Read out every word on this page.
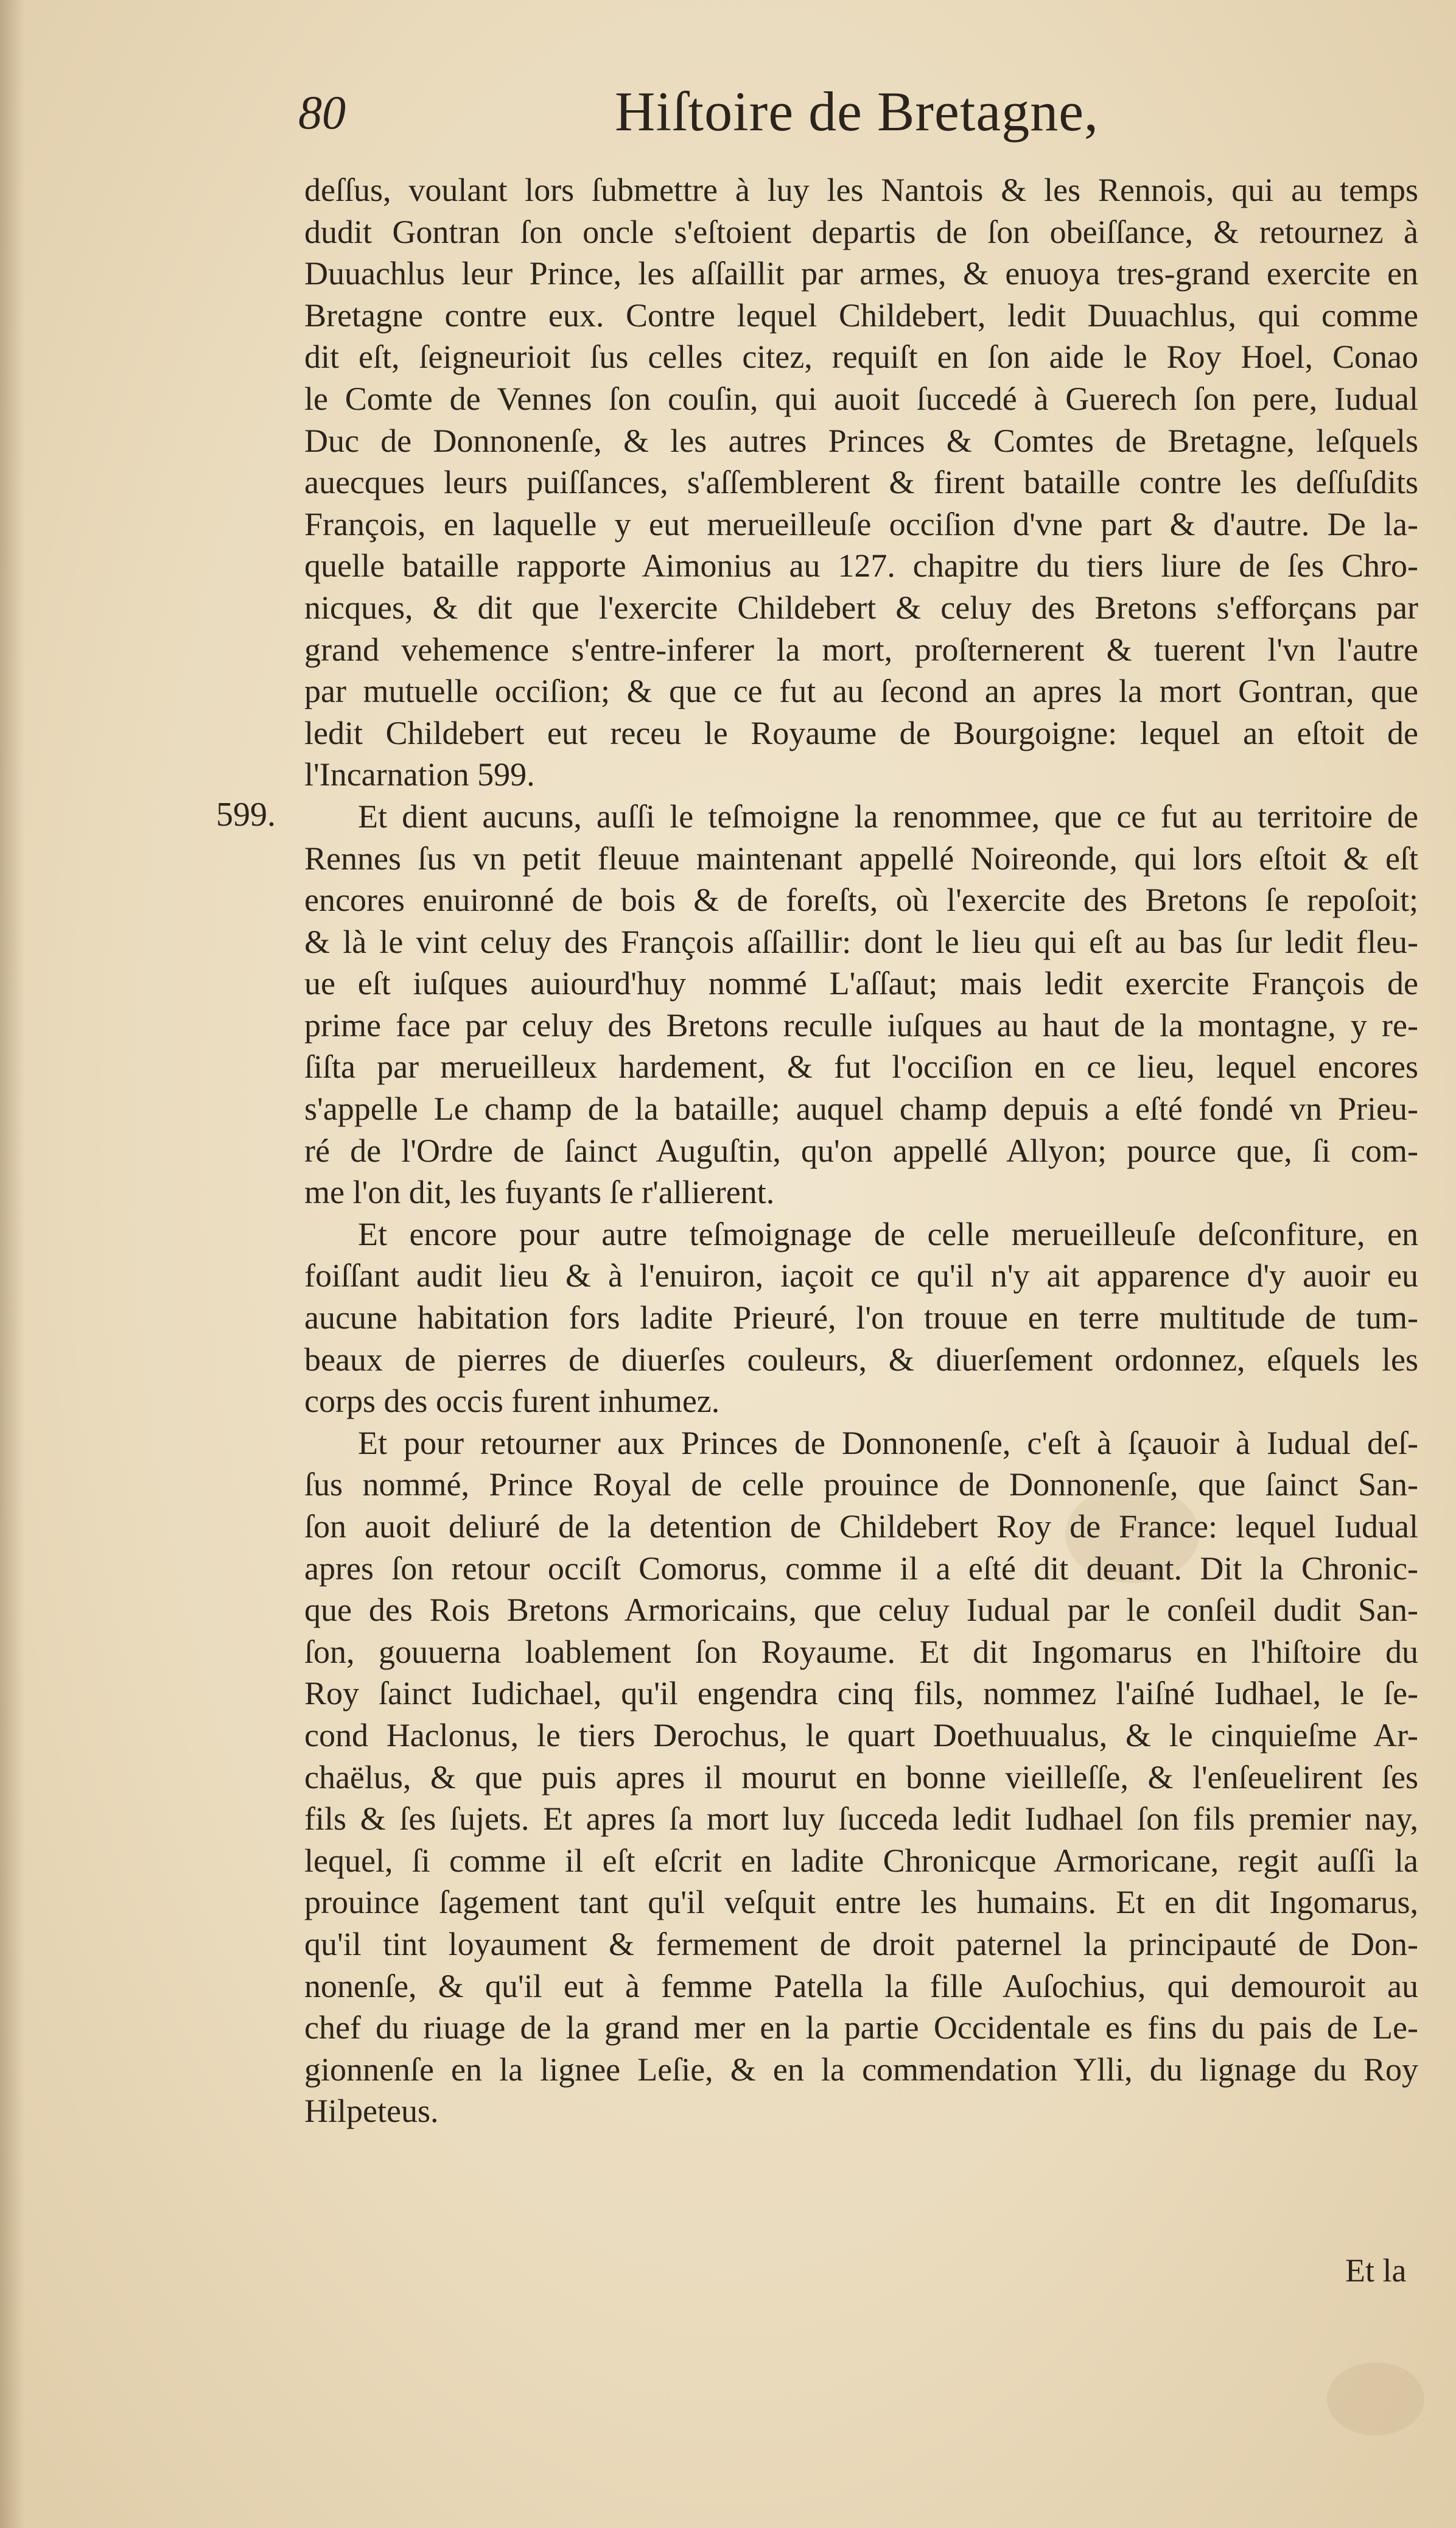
80	Hiſtoire de Bretagne,
599.
deſſus, voulant lors ſubmettre à luy les Nantois & les Rennois, qui au temps
dudit Gontran ſon oncle s'eſtoient departis de ſon obeiſſance, & retournez à
Duuachlus leur Prince, les aſſaillit par armes, & enuoya tres-grand exercite en
Bretagne contre eux. Contre lequel Childebert, ledit Duuachlus, qui comme
dit eſt, ſeigneurioit ſus celles citez, requiſt en ſon aide le Roy Hoel, Conao
le Comte de Vennes ſon couſin, qui auoit ſuccedé à Guerech ſon pere, Iudual
Duc de Donnonenſe, & les autres Princes & Comtes de Bretagne, leſquels
auecques leurs puiſſances, s'aſſemblerent & firent bataille contre les deſſuſdits
François, en laquelle y eut merueilleuſe occiſion d'vne part & d'autre. De la-
quelle bataille rapporte Aimonius au 127. chapitre du tiers liure de ſes Chro-
nicques, & dit que l'exercite Childebert & celuy des Bretons s'efforçans par
grand vehemence s'entre-inferer la mort, proſternerent & tuerent l'vn l'autre
par mutuelle occiſion; & que ce fut au ſecond an apres la mort Gontran, que
ledit Childebert eut receu le Royaume de Bourgoigne: lequel an eſtoit de
l'Incarnation 599.
Et dient aucuns, auſſi le teſmoigne la renommee, que ce fut au territoire de
Rennes ſus vn petit fleuue maintenant appellé Noireonde, qui lors eſtoit & eſt
encores enuironné de bois & de foreſts, où l'exercite des Bretons ſe repoſoit;
& là le vint celuy des François aſſaillir: dont le lieu qui eſt au bas ſur ledit fleu-
ue eſt iuſques auiourd'huy nommé L'aſſaut; mais ledit exercite François de
prime face par celuy des Bretons reculle iuſques au haut de la montagne, y re-
ſiſta par merueilleux hardement, & fut l'occiſion en ce lieu, lequel encores
s'appelle Le champ de la bataille; auquel champ depuis a eſté fondé vn Prieu-
ré de l'Ordre de ſainct Auguſtin, qu'on appellé Allyon; pource que, ſi com-
me l'on dit, les fuyants ſe r'allierent.
Et encore pour autre teſmoignage de celle merueilleuſe deſconfiture, en
foiſſant audit lieu & à l'enuiron, iaçoit ce qu'il n'y ait apparence d'y auoir eu
aucune habitation fors ladite Prieuré, l'on trouue en terre multitude de tum-
beaux de pierres de diuerſes couleurs, & diuerſement ordonnez, eſquels les
corps des occis furent inhumez.
Et pour retourner aux Princes de Donnonenſe, c'eſt à ſçauoir à Iudual deſ-
ſus nommé, Prince Royal de celle prouince de Donnonenſe, que ſainct San-
ſon auoit deliuré de la detention de Childebert Roy de France: lequel Iudual
apres ſon retour occiſt Comorus, comme il a eſté dit deuant. Dit la Chronic-
que des Rois Bretons Armoricains, que celuy Iudual par le conſeil dudit San-
ſon, gouuerna loablement ſon Royaume. Et dit Ingomarus en l'hiſtoire du
Roy ſainct Iudichael, qu'il engendra cinq fils, nommez l'aiſné Iudhael, le ſe-
cond Haclonus, le tiers Derochus, le quart Doethuualus, & le cinquieſme Ar-
chaëlus, & que puis apres il mourut en bonne vieilleſſe, & l'enſeuelirent ſes
fils & ſes ſujets. Et apres ſa mort luy ſucceda ledit Iudhael ſon fils premier nay,
lequel, ſi comme il eſt eſcrit en ladite Chronicque Armoricane, regit auſſi la
prouince ſagement tant qu'il veſquit entre les humains. Et en dit Ingomarus,
qu'il tint loyaument & fermement de droit paternel la principauté de Don-
nonenſe, & qu'il eut à femme Patella la fille Auſochius, qui demouroit au
chef du riuage de la grand mer en la partie Occidentale es fins du pais de Le-
gionnenſe en la lignee Leſie, & en la commendation Ylli, du lignage du Roy
Hilpeteus.
Et la
